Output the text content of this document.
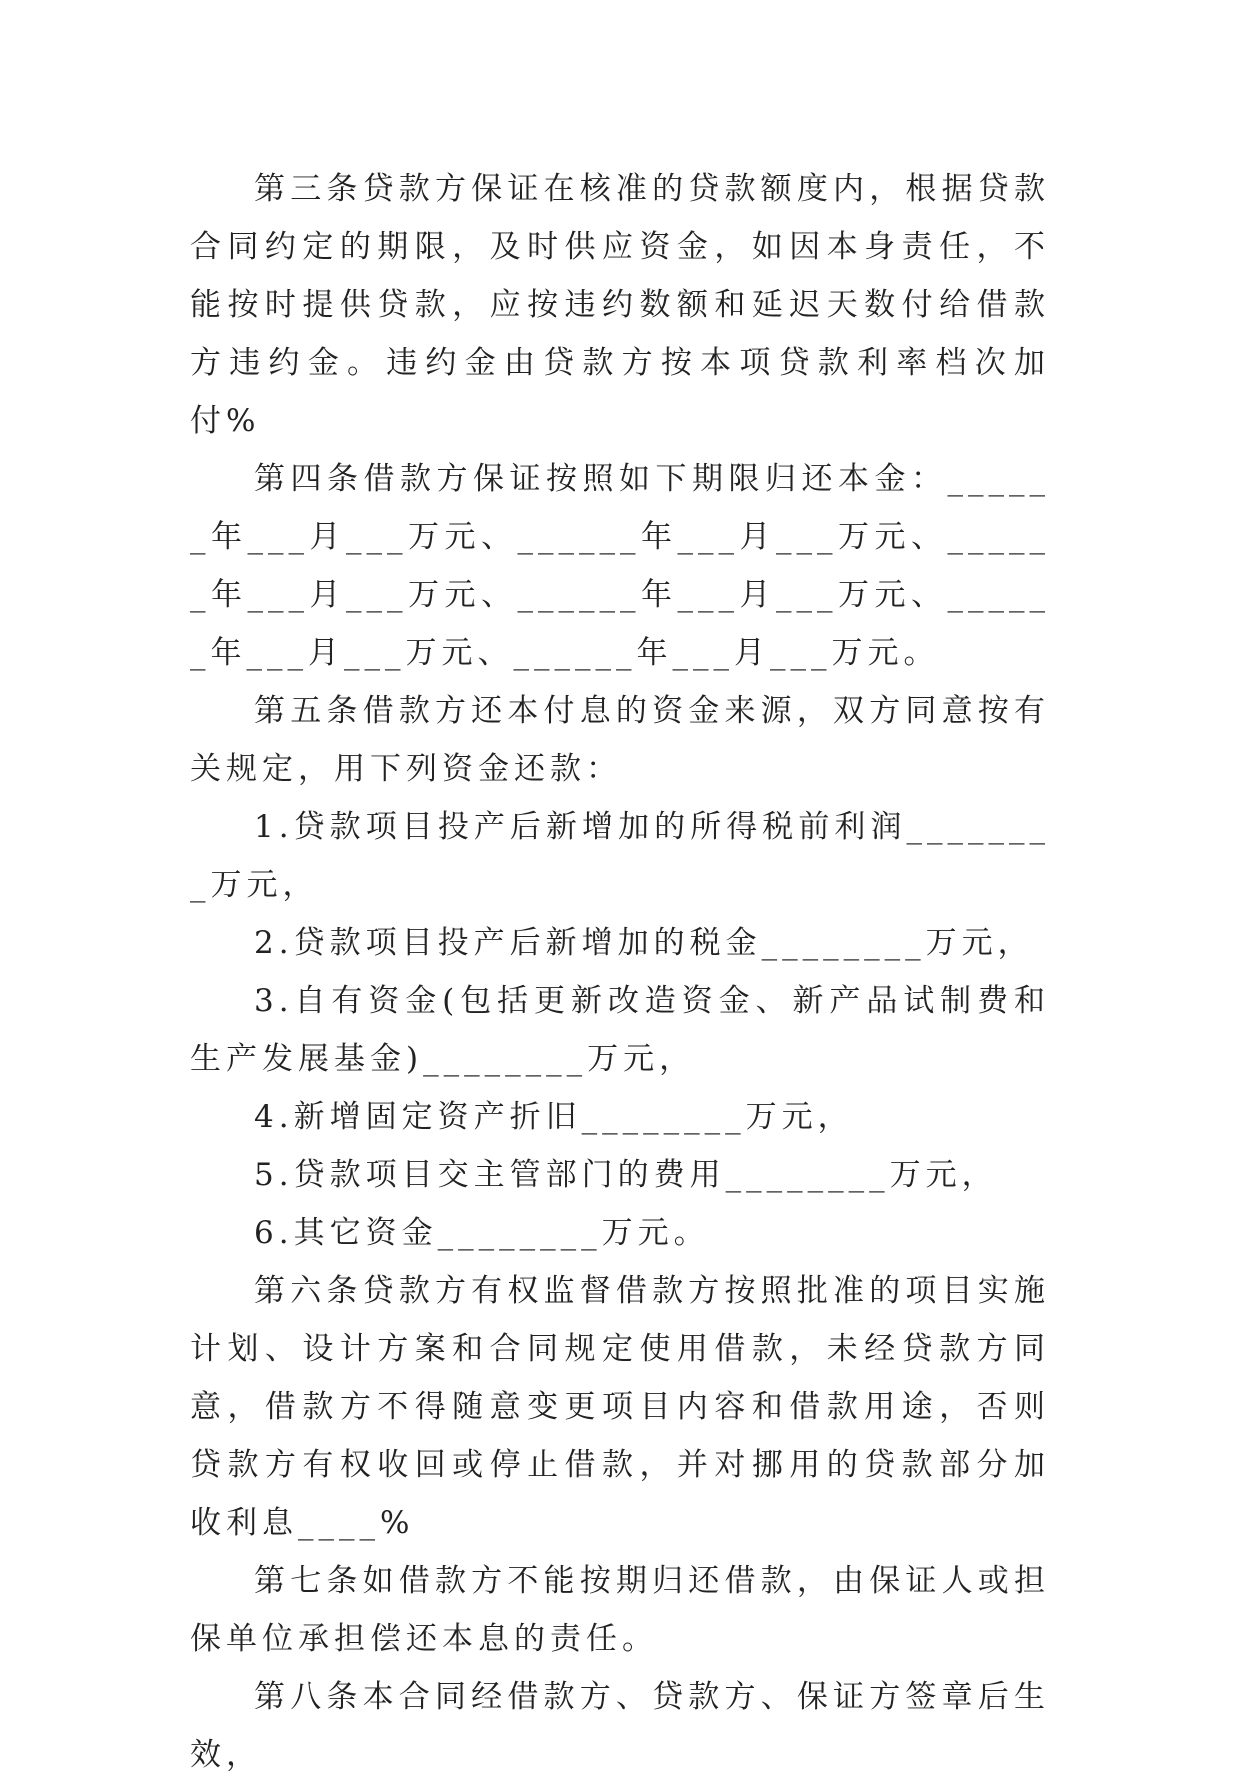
第三条贷款方保证在核准的贷款额度内，根据贷款合同约定的期限，及时供应资金，如因本身责任，不能按时提供贷款，应按违约数额和延迟天数付给借款方违约金。违约金由贷款方按本项贷款利率档次加付%

第四条借款方保证按照如下期限归还本金：______年___月___万元、______年___月___万元、______年___月___万元、______年___月___万元、______年___月___万元、______年___月___万元。

第五条借款方还本付息的资金来源，双方同意按有关规定，用下列资金还款：

1.贷款项目投产后新增加的所得税前利润________万元，

2.贷款项目投产后新增加的税金________万元，

3.自有资金(包括更新改造资金、新产品试制费和生产发展基金)________万元，

4.新增固定资产折旧________万元，

5.贷款项目交主管部门的费用________万元，

6.其它资金________万元。

第六条贷款方有权监督借款方按照批准的项目实施计划、设计方案和合同规定使用借款，未经贷款方同意，借款方不得随意变更项目内容和借款用途，否则贷款方有权收回或停止借款，并对挪用的贷款部分加收利息____%

第七条如借款方不能按期归还借款，由保证人或担保单位承担偿还本息的责任。

第八条本合同经借款方、贷款方、保证方签章后生效，
